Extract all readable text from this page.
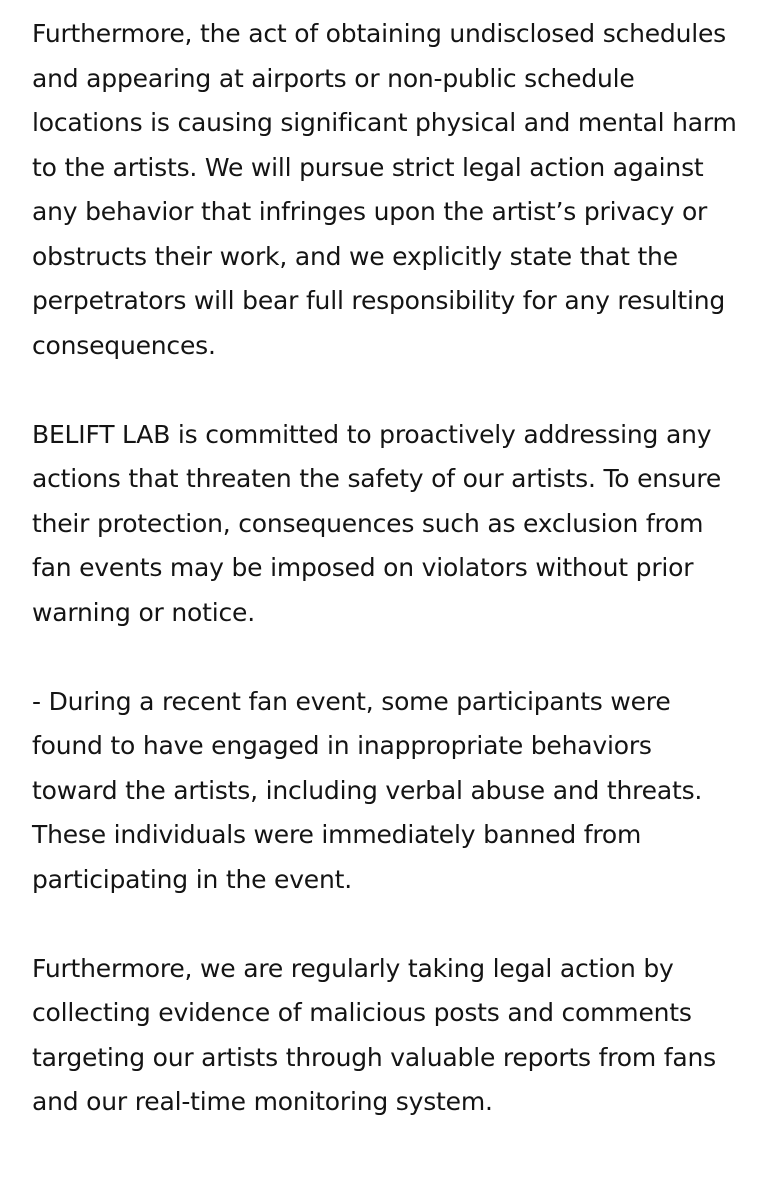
Furthermore, the act of obtaining undisclosed schedules and appearing at airports or non-public schedule locations is causing significant physical and mental harm to the artists. We will pursue strict legal action against any behavior that infringes upon the artist’s privacy or obstructs their work, and we explicitly state that the perpetrators will bear full responsibility for any resulting consequences.

BELIFT LAB is committed to proactively addressing any actions that threaten the safety of our artists. To ensure their protection, consequences such as exclusion from fan events may be imposed on violators without prior warning or notice.

- During a recent fan event, some participants were found to have engaged in inappropriate behaviors toward the artists, including verbal abuse and threats. These individuals were immediately banned from participating in the event.

Furthermore, we are regularly taking legal action by collecting evidence of malicious posts and comments targeting our artists through valuable reports from fans and our real-time monitoring system.
